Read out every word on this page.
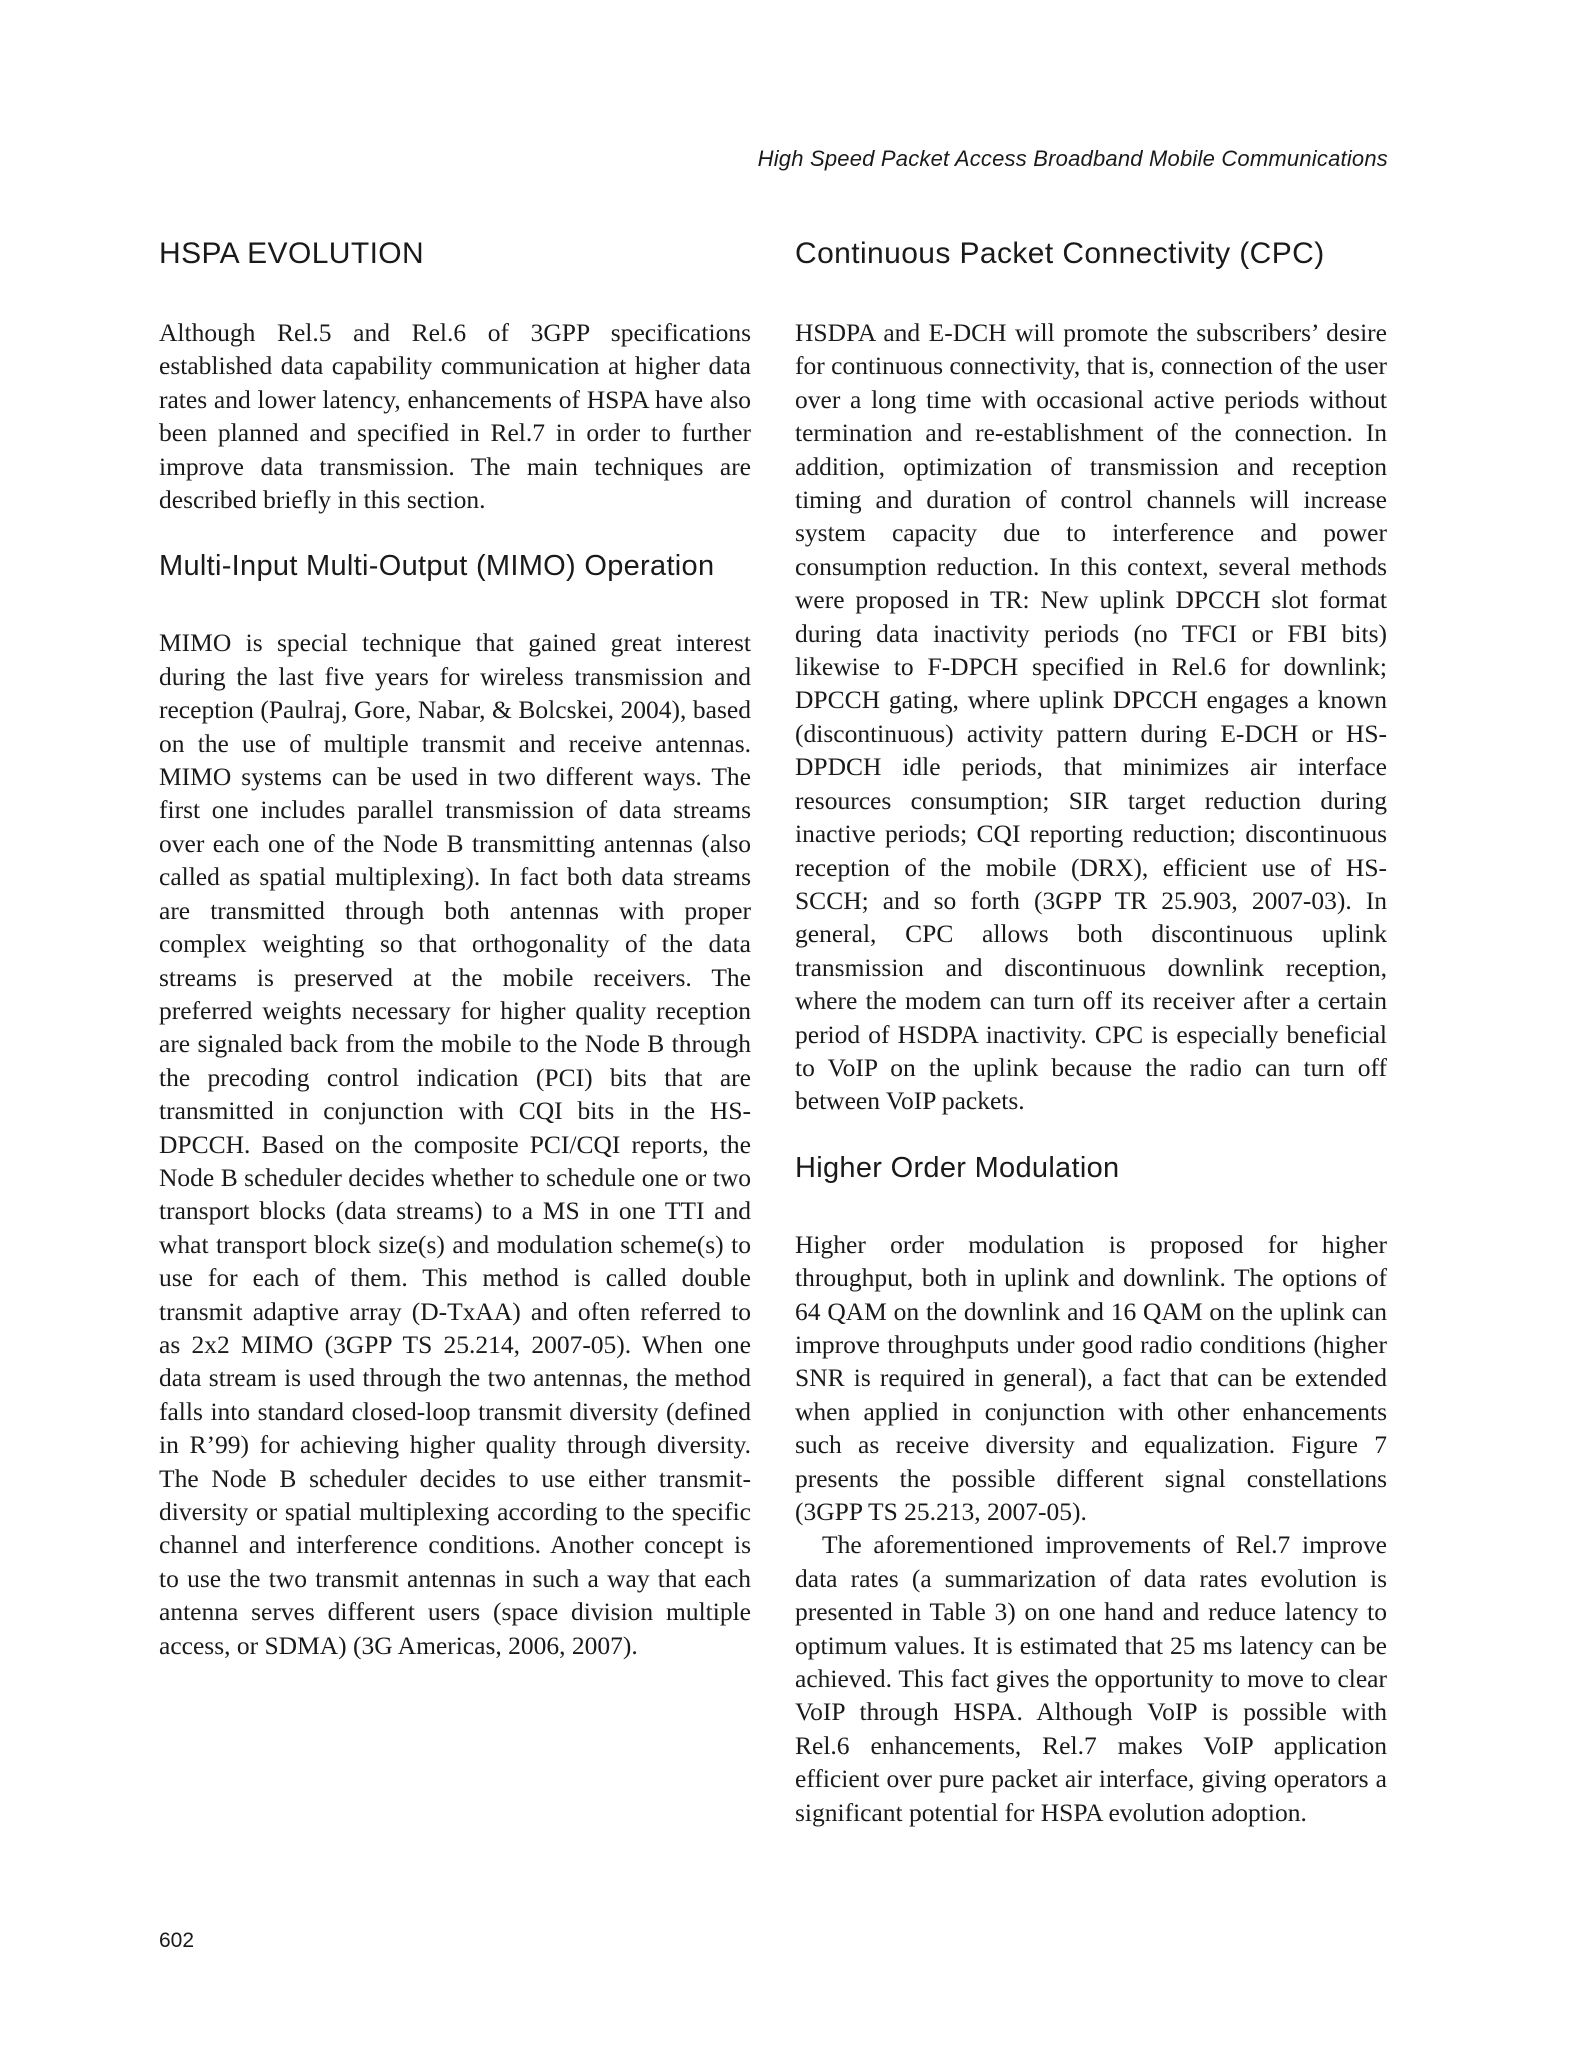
High Speed Packet Access Broadband Mobile Communications

HSPA EVOLUTION

Although Rel.5 and Rel.6 of 3GPP specifications established data capability communication at higher data rates and lower latency, enhancements of HSPA have also been planned and specified in Rel.7 in order to further improve data transmission. The main techniques are described briefly in this section.

Multi-Input Multi-Output (MIMO) Operation

MIMO is special technique that gained great interest during the last five years for wireless transmission and reception (Paulraj, Gore, Nabar, & Bolcskei, 2004), based on the use of multiple transmit and receive antennas. MIMO systems can be used in two different ways. The first one includes parallel transmission of data streams over each one of the Node B transmitting antennas (also called as spatial multiplexing). In fact both data streams are transmitted through both antennas with proper complex weighting so that orthogonality of the data streams is preserved at the mobile receivers. The preferred weights necessary for higher quality reception are signaled back from the mobile to the Node B through the precoding control indication (PCI) bits that are transmitted in conjunction with CQI bits in the HS-DPCCH. Based on the composite PCI/CQI reports, the Node B scheduler decides whether to schedule one or two transport blocks (data streams) to a MS in one TTI and what transport block size(s) and modulation scheme(s) to use for each of them. This method is called double transmit adaptive array (D-TxAA) and often referred to as 2x2 MIMO (3GPP TS 25.214, 2007-05). When one data stream is used through the two antennas, the method falls into standard closed-loop transmit diversity (defined in R’99) for achieving higher quality through diversity. The Node B scheduler decides to use either transmit-diversity or spatial multiplexing according to the specific channel and interference conditions. Another concept is to use the two transmit antennas in such a way that each antenna serves different users (space division multiple access, or SDMA) (3G Americas, 2006, 2007).

Continuous Packet Connectivity (CPC)

HSDPA and E-DCH will promote the subscribers’ desire for continuous connectivity, that is, connection of the user over a long time with occasional active periods without termination and re-establishment of the connection. In addition, optimization of transmission and reception timing and duration of control channels will increase system capacity due to interference and power consumption reduction. In this context, several methods were proposed in TR: New uplink DPCCH slot format during data inactivity periods (no TFCI or FBI bits) likewise to F-DPCH specified in Rel.6 for downlink; DPCCH gating, where uplink DPCCH engages a known (discontinuous) activity pattern during E-DCH or HS-DPDCH idle periods, that minimizes air interface resources consumption; SIR target reduction during inactive periods; CQI reporting reduction; discontinuous reception of the mobile (DRX), efficient use of HS-SCCH; and so forth (3GPP TR 25.903, 2007-03). In general, CPC allows both discontinuous uplink transmission and discontinuous downlink reception, where the modem can turn off its receiver after a certain period of HSDPA inactivity. CPC is especially beneficial to VoIP on the uplink because the radio can turn off between VoIP packets.

Higher Order Modulation

Higher order modulation is proposed for higher throughput, both in uplink and downlink. The options of 64 QAM on the downlink and 16 QAM on the uplink can improve throughputs under good radio conditions (higher SNR is required in general), a fact that can be extended when applied in conjunction with other enhancements such as receive diversity and equalization. Figure 7 presents the possible different signal constellations (3GPP TS 25.213, 2007-05).

The aforementioned improvements of Rel.7 improve data rates (a summarization of data rates evolution is presented in Table 3) on one hand and reduce latency to optimum values. It is estimated that 25 ms latency can be achieved. This fact gives the opportunity to move to clear VoIP through HSPA. Although VoIP is possible with Rel.6 enhancements, Rel.7 makes VoIP application efficient over pure packet air interface, giving operators a significant potential for HSPA evolution adoption.

602
